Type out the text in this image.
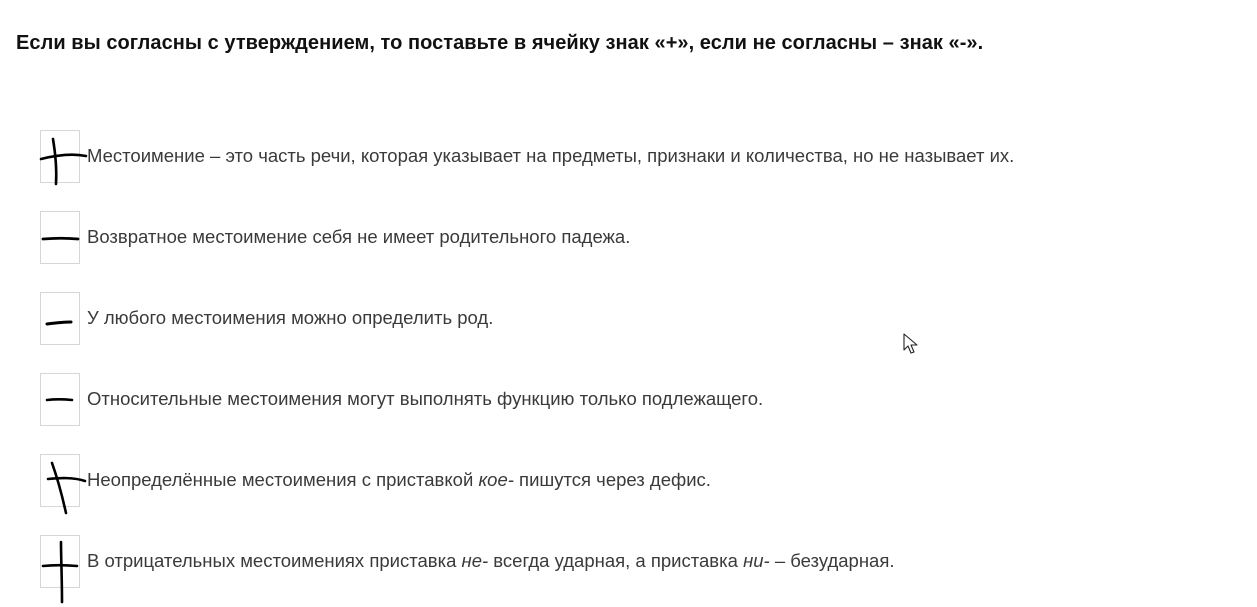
Если вы согласны с утверждением, то поставьте в ячейку знак «+», если не согласны – знак «-».
Местоимение – это часть речи, которая указывает на предметы, признаки и количества, но не называет их.
Возвратное местоимение себя не имеет родительного падежа.
У любого местоимения можно определить род.
Относительные местоимения могут выполнять функцию только подлежащего.
Неопределённые местоимения с приставкой кое- пишутся через дефис.
В отрицательных местоимениях приставка не- всегда ударная, а приставка ни- – безударная.
